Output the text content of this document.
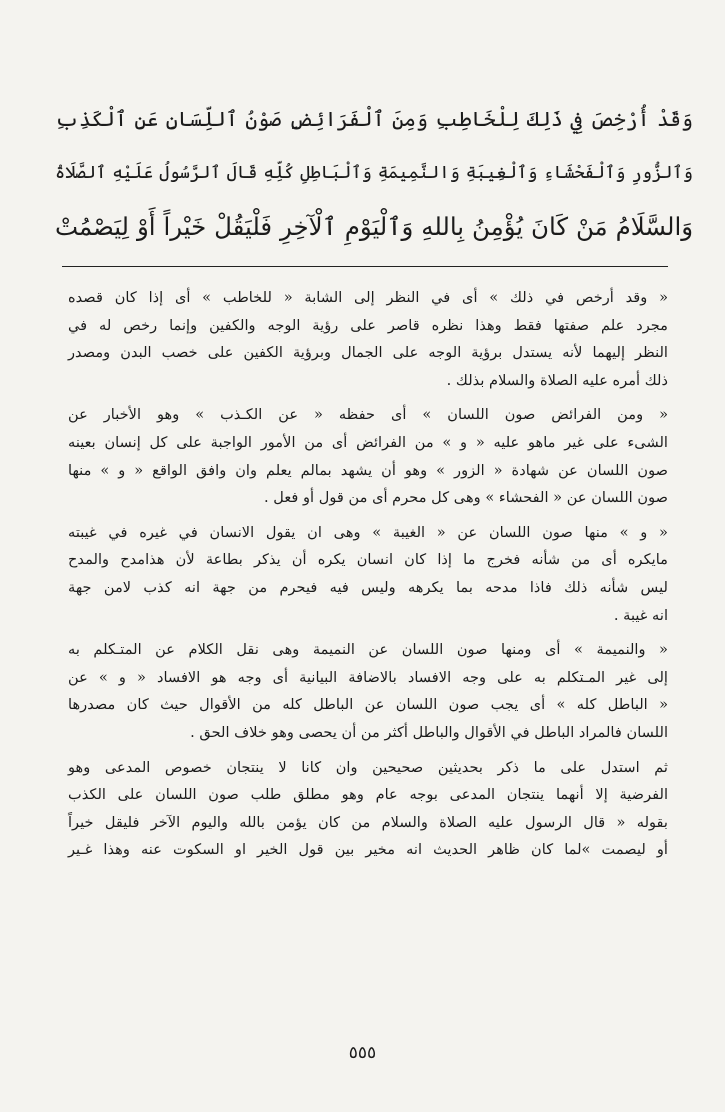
وَقَدْ أُرْخِصَ فِي ذَلِكَ لِلْخَاطِبِ وَمِنَ ٱلْفَرَائِضِ صَوْنُ ٱللِّسَانِ عَنِ ٱلْكَذِبِ
وَٱلزُّورِ وَٱلْفَحْشَاءِ وَٱلْغِيبَةِ وَالنَّمِيمَةِ وَٱلْبَاطِلِ كُلِّهِ قَالَ ٱلرَّسُولُ عَلَيْهِ ٱلصَّلَاةُ
وَالسَّلَامُ مَنْ كَانَ يُؤْمِنُ بِاللهِ وَٱلْيَوْمِ ٱلْآخِرِ فَلْيَقُلْ خَيْراً أَوْ لِيَصْمُتْ
« وقد أرخص في ذلك » أى في النظر إلى الشابة « للخاطب » أى إذا كان قصده
مجرد علم صفتها فقط وهذا نظره قاصر على رؤية الوجه والكفين وإنما رخص له في
النظر إليهما لأنه يستدل برؤية الوجه على الجمال وبرؤية الكفين على خصب البدن ومصدر
ذلك أمره عليه الصلاة والسلام بذلك .
« ومن الفرائض صون اللسان » أى حفظه « عن الكـذب » وهو الأخبار عن
الشىء على غير ماهو عليه « و » من الفرائض أى من الأمور الواجبة على كل إنسان بعينه
صون اللسان عن شهادة « الزور » وهو أن يشهد بمالم يعلم وان وافق الواقع « و » منها
صون اللسان عن « الفحشاء » وهى كل محرم أى من قول أو فعل .
« و » منها صون اللسان عن « الغيبة » وهى ان يقول الانسان في غيره في غيبته
مايكره أى من شأنه فخرج ما إذا كان انسان يكره أن يذكر بطاعة لأن هذامدح والمدح
ليس شأنه ذلك فاذا مدحه بما يكرهه وليس فيه فيحرم من جهة انه كذب لامن جهة
انه غيبة .
« والنميمة » أى ومنها صون اللسان عن النميمة وهى نقل الكلام عن المتـكلم به
إلى غير المـتكلم به على وجه الافساد بالاضافة البيانية أى وجه هو الافساد « و » عن
« الباطل كله » أى يجب صون اللسان عن الباطل كله من الأقوال حيث كان مصدرها
اللسان فالمراد الباطل في الأقوال والباطل أكثر من أن يحصى وهو خلاف الحق .
ثم استدل على ما ذكر بحديثين صحيحين وان كانا لا ينتجان خصوص المدعى وهو
الفرضية إلا أنهما ينتجان المدعى بوجه عام وهو مطلق طلب صون اللسان على الكذب
بقوله « قال الرسول عليه الصلاة والسلام من كان يؤمن بالله واليوم الآخر فليقل خيراً
أو ليصمت »لما كان ظاهر الحديث انه مخير بين قول الخير او السكوت عنه وهذا غـير
٥٥٥
